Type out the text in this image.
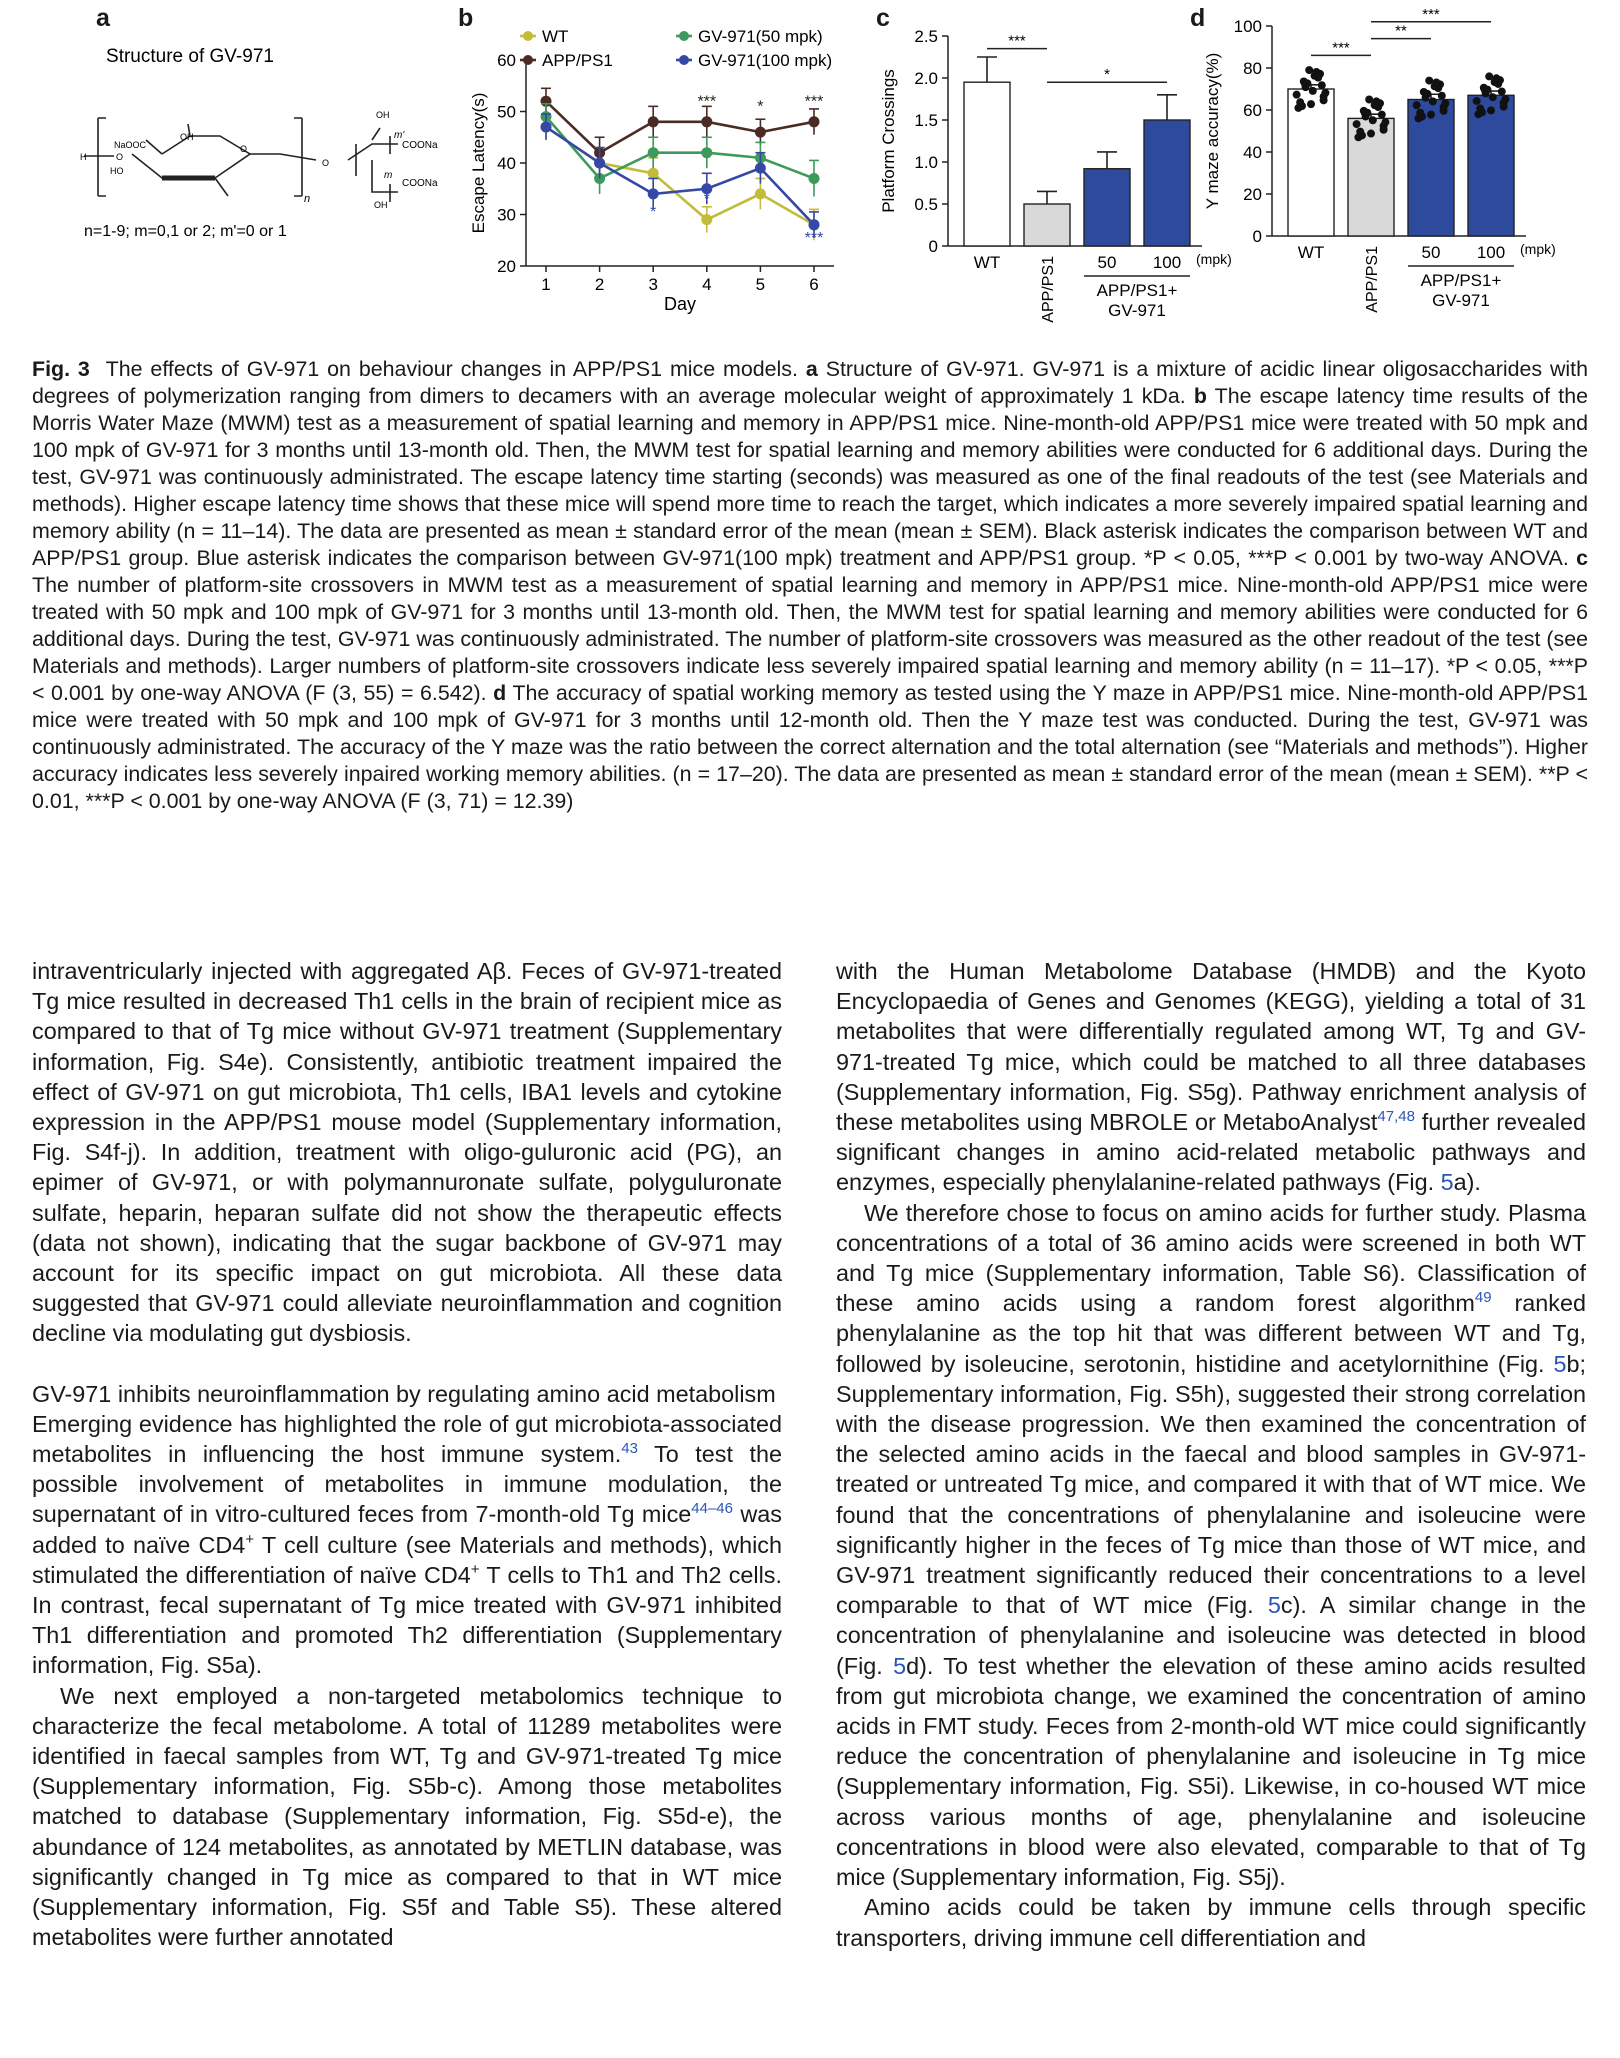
a	b	c	d
Structure of GV-971
NaOOC
OH
HO
H	O
O
O
n
OH
COONa
m
COONa
OH
m'
n=1-9; m=0,1 or 2; m'=0 or 1
20
30
40
50
60
1	2	3	4	5	6
Day
Escape Latency(s)
WT
APP/PS1
GV-971(50 mpk)
GV-971(100 mpk)
***	*	***
*
*
***	0
0.5
1.0
1.5
2.0
2.5
Platform Crossings
WT APP/PS1 50 100 (mpk)
APP/PS1+
GV-971
***
*
0
20
40
60
80
100
Y maze accuracy(%)
WT APP/PS1 50 100 (mpk)
APP/PS1+
GV-971
***
**
***
Fig. 3 The effects of GV-971 on behaviour changes in APP/PS1 mice models. a Structure of GV-971. GV-971 is a mixture of acidic linear oligosaccharides with degrees of polymerization ranging from dimers to decamers with an average molecular weight of approximately 1 kDa. b The escape latency time results of the Morris Water Maze (MWM) test as a measurement of spatial learning and memory in APP/PS1 mice. Nine-month-old APP/PS1 mice were treated with 50 mpk and 100 mpk of GV-971 for 3 months until 13-month old. Then, the MWM test for spatial learning and memory abilities were conducted for 6 additional days. During the test, GV-971 was continuously administrated. The escape latency time starting (seconds) was measured as one of the final readouts of the test (see Materials and methods). Higher escape latency time shows that these mice will spend more time to reach the target, which indicates a more severely impaired spatial learning and memory ability (n = 11–14). The data are presented as mean ± standard error of the mean (mean ± SEM). Black asterisk indicates the comparison between WT and APP/PS1 group. Blue asterisk indicates the comparison between GV-971(100 mpk) treatment and APP/PS1 group. *P < 0.05, ***P < 0.001 by two-way ANOVA. c The number of platform-site crossovers in MWM test as a measurement of spatial learning and memory in APP/PS1 mice. Nine-month-old APP/PS1 mice were treated with 50 mpk and 100 mpk of GV-971 for 3 months until 13-month old. Then, the MWM test for spatial learning and memory abilities were conducted for 6 additional days. During the test, GV-971 was continuously administrated. The number of platform-site crossovers was measured as the other readout of the test (see Materials and methods). Larger numbers of platform-site crossovers indicate less severely impaired spatial learning and memory ability (n = 11–17). *P < 0.05, ***P < 0.001 by one-way ANOVA (F (3, 55) = 6.542). d The accuracy of spatial working memory as tested using the Y maze in APP/PS1 mice. Nine-month-old APP/PS1 mice were treated with 50 mpk and 100 mpk of GV-971 for 3 months until 12-month old. Then the Y maze test was conducted. During the test, GV-971 was continuously administrated. The accuracy of the Y maze was the ratio between the correct alternation and the total alternation (see “Materials and methods”). Higher accuracy indicates less severely inpaired working memory abilities. (n = 17–20). The data are presented as mean ± standard error of the mean (mean ± SEM). **P < 0.01, ***P < 0.001 by one-way ANOVA (F (3, 71) = 12.39)

intraventricularly injected with aggregated Aβ. Feces of GV-971-treated Tg mice resulted in decreased Th1 cells in the brain of recipient mice as compared to that of Tg mice without GV-971 treatment (Supplementary information, Fig. S4e). Consistently, antibiotic treatment impaired the effect of GV-971 on gut microbiota, Th1 cells, IBA1 levels and cytokine expression in the APP/PS1 mouse model (Supplementary information, Fig. S4f-j). In addition, treatment with oligo-guluronic acid (PG), an epimer of GV-971, or with polymannuronate sulfate, polyguluronate sulfate, heparin, heparan sulfate did not show the therapeutic effects (data not shown), indicating that the sugar backbone of GV-971 may account for its specific impact on gut microbiota. All these data suggested that GV-971 could alleviate neuroinflammation and cognition decline via modulating gut dysbiosis.

GV-971 inhibits neuroinflammation by regulating amino acid metabolism

Emerging evidence has highlighted the role of gut microbiota-associated metabolites in influencing the host immune system.$^{43}$ To test the possible involvement of metabolites in immune modulation, the supernatant of in vitro-cultured feces from 7-month-old Tg mice$^{44-46}$ was added to naïve CD4+ T cell culture (see Materials and methods), which stimulated the differentiation of naïve CD4+ T cells to Th1 and Th2 cells. In contrast, fecal supernatant of Tg mice treated with GV-971 inhibited Th1 differentiation and promoted Th2 differentiation (Supplementary information, Fig. S5a).

We next employed a non-targeted metabolomics technique to characterize the fecal metabolome. A total of 11289 metabolites were identified in faecal samples from WT, Tg and GV-971-treated Tg mice (Supplementary information, Fig. S5b-c). Among those metabolites matched to database (Supplementary information, Fig. S5d-e), the abundance of 124 metabolites, as annotated by METLIN database, was significantly changed in Tg mice as compared to that in WT mice (Supplementary information, Fig. S5f and Table S5). These altered metabolites were further annotated

with the Human Metabolome Database (HMDB) and the Kyoto Encyclopaedia of Genes and Genomes (KEGG), yielding a total of 31 metabolites that were differentially regulated among WT, Tg and GV-971-treated Tg mice, which could be matched to all three databases (Supplementary information, Fig. S5g). Pathway enrichment analysis of these metabolites using MBROLE or MetaboAnalyst$^{47,48}$ further revealed significant changes in amino acid-related metabolic pathways and enzymes, especially phenylalanine-related pathways (Fig. 5a).

We therefore chose to focus on amino acids for further study. Plasma concentrations of a total of 36 amino acids were screened in both WT and Tg mice (Supplementary information, Table S6). Classification of these amino acids using a random forest algorithm$^{49}$ ranked phenylalanine as the top hit that was different between WT and Tg, followed by isoleucine, serotonin, histidine and acetylornithine (Fig. 5b; Supplementary information, Fig. S5h), suggested their strong correlation with the disease progression. We then examined the concentration of the selected amino acids in the faecal and blood samples in GV-971-treated or untreated Tg mice, and compared it with that of WT mice. We found that the concentrations of phenylalanine and isoleucine were significantly higher in the feces of Tg mice than those of WT mice, and GV-971 treatment significantly reduced their concentrations to a level comparable to that of WT mice (Fig. 5c). A similar change in the concentration of phenylalanine and isoleucine was detected in blood (Fig. 5d). To test whether the elevation of these amino acids resulted from gut microbiota change, we examined the concentration of amino acids in FMT study. Feces from 2-month-old WT mice could significantly reduce the concentration of phenylalanine and isoleucine in Tg mice (Supplementary information, Fig. S5i). Likewise, in co-housed WT mice across various months of age, phenylalanine and isoleucine concentrations in blood were also elevated, comparable to that of Tg mice (Supplementary information, Fig. S5j).

Amino acids could be taken by immune cells through specific transporters, driving immune cell differentiation and
